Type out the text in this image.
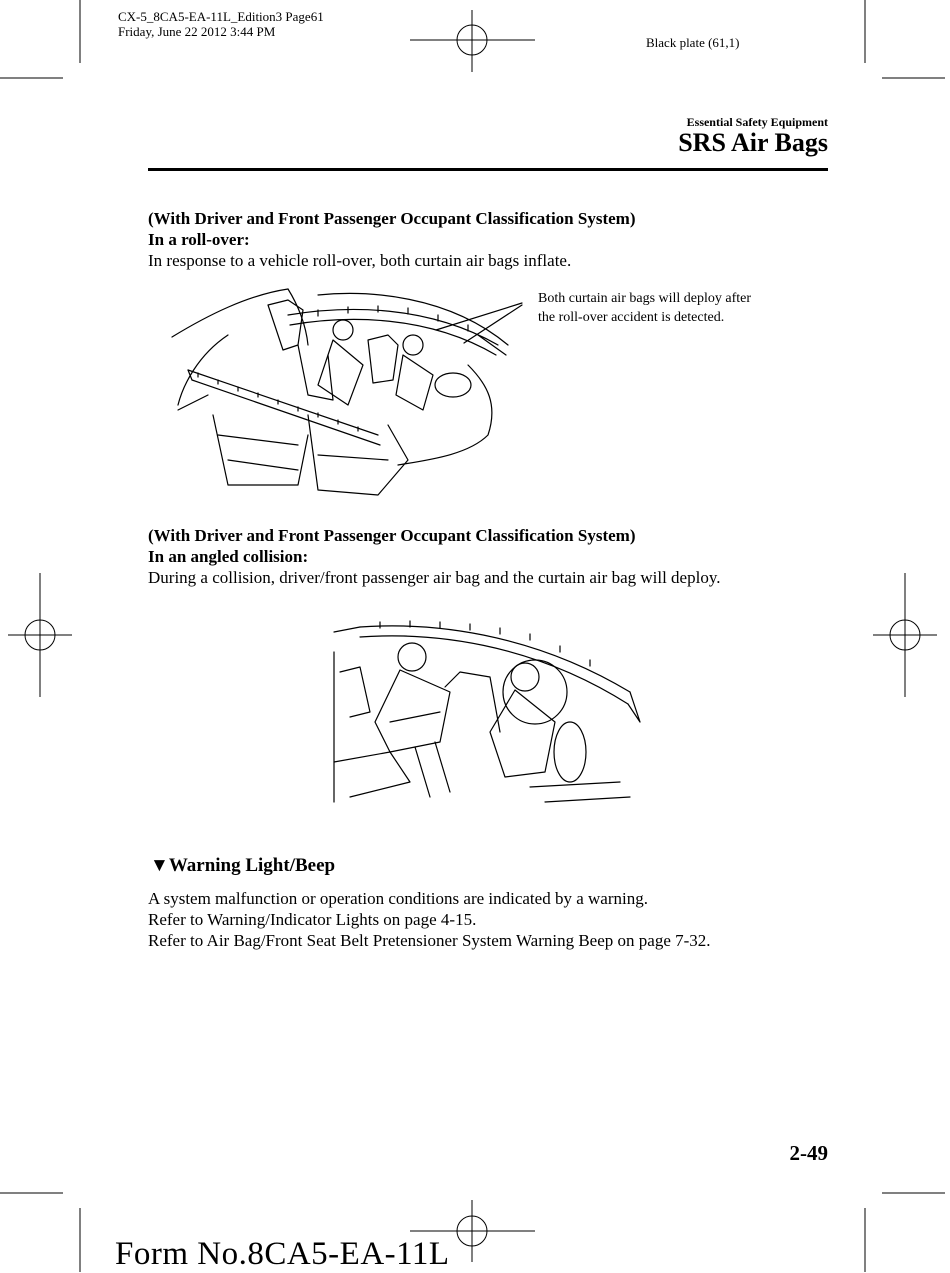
CX-5_8CA5-EA-11L_Edition3 Page61
Friday, June 22 2012 3:44 PM
Black plate (61,1)
Essential Safety Equipment
SRS Air Bags
(With Driver and Front Passenger Occupant Classification System)
In a roll-over:
In response to a vehicle roll-over, both curtain air bags inflate.
Both curtain air bags will deploy after
the roll-over accident is detected.
(With Driver and Front Passenger Occupant Classification System)
In an angled collision:
During a collision, driver/front passenger air bag and the curtain air bag will deploy.
▼Warning Light/Beep
A system malfunction or operation conditions are indicated by a warning.
Refer to Warning/Indicator Lights on page 4-15.
Refer to Air Bag/Front Seat Belt Pretensioner System Warning Beep on page 7-32.
2-49
Form No.8CA5-EA-11L
